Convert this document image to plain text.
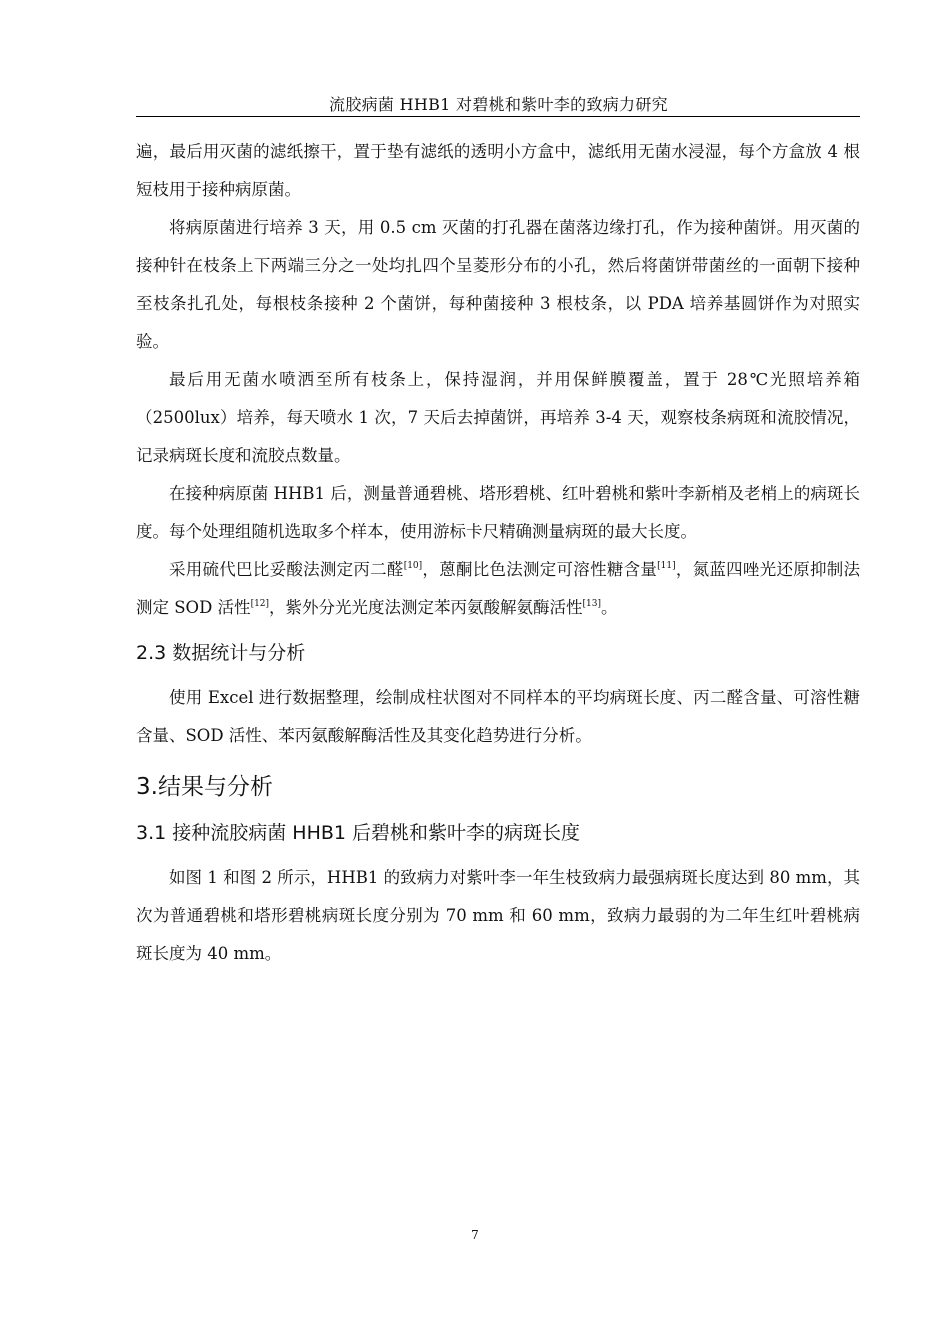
流胶病菌 HHB1 对碧桃和紫叶李的致病力研究

遍，最后用灭菌的滤纸擦干，置于垫有滤纸的透明小方盒中，滤纸用无菌水浸湿，每个方盒放 4 根短枝用于接种病原菌。

将病原菌进行培养 3 天，用 0.5 cm 灭菌的打孔器在菌落边缘打孔，作为接种菌饼。用灭菌的接种针在枝条上下两端三分之一处均扎四个呈菱形分布的小孔，然后将菌饼带菌丝的一面朝下接种至枝条扎孔处，每根枝条接种 2 个菌饼，每种菌接种 3 根枝条，以 PDA 培养基圆饼作为对照实验。

最后用无菌水喷洒至所有枝条上，保持湿润，并用保鲜膜覆盖，置于 28℃光照培养箱（2500lux）培养，每天喷水 1 次，7 天后去掉菌饼，再培养 3-4 天，观察枝条病斑和流胶情况，记录病斑长度和流胶点数量。

在接种病原菌 HHB1 后，测量普通碧桃、塔形碧桃、红叶碧桃和紫叶李新梢及老梢上的病斑长度。每个处理组随机选取多个样本，使用游标卡尺精确测量病斑的最大长度。

采用硫代巴比妥酸法测定丙二醛[10]，蒽酮比色法测定可溶性糖含量[11]，氮蓝四唑光还原抑制法测定 SOD 活性[12]，紫外分光光度法测定苯丙氨酸解氨酶活性[13]。

2.3 数据统计与分析

使用 Excel 进行数据整理，绘制成柱状图对不同样本的平均病斑长度、丙二醛含量、可溶性糖含量、SOD 活性、苯丙氨酸解酶活性及其变化趋势进行分析。

3.结果与分析
3.1 接种流胶病菌 HHB1 后碧桃和紫叶李的病斑长度

如图 1 和图 2 所示，HHB1 的致病力对紫叶李一年生枝致病力最强病斑长度达到 80 mm，其次为普通碧桃和塔形碧桃病斑长度分别为 70 mm 和 60 mm，致病力最弱的为二年生红叶碧桃病斑长度为 40 mm。

7
